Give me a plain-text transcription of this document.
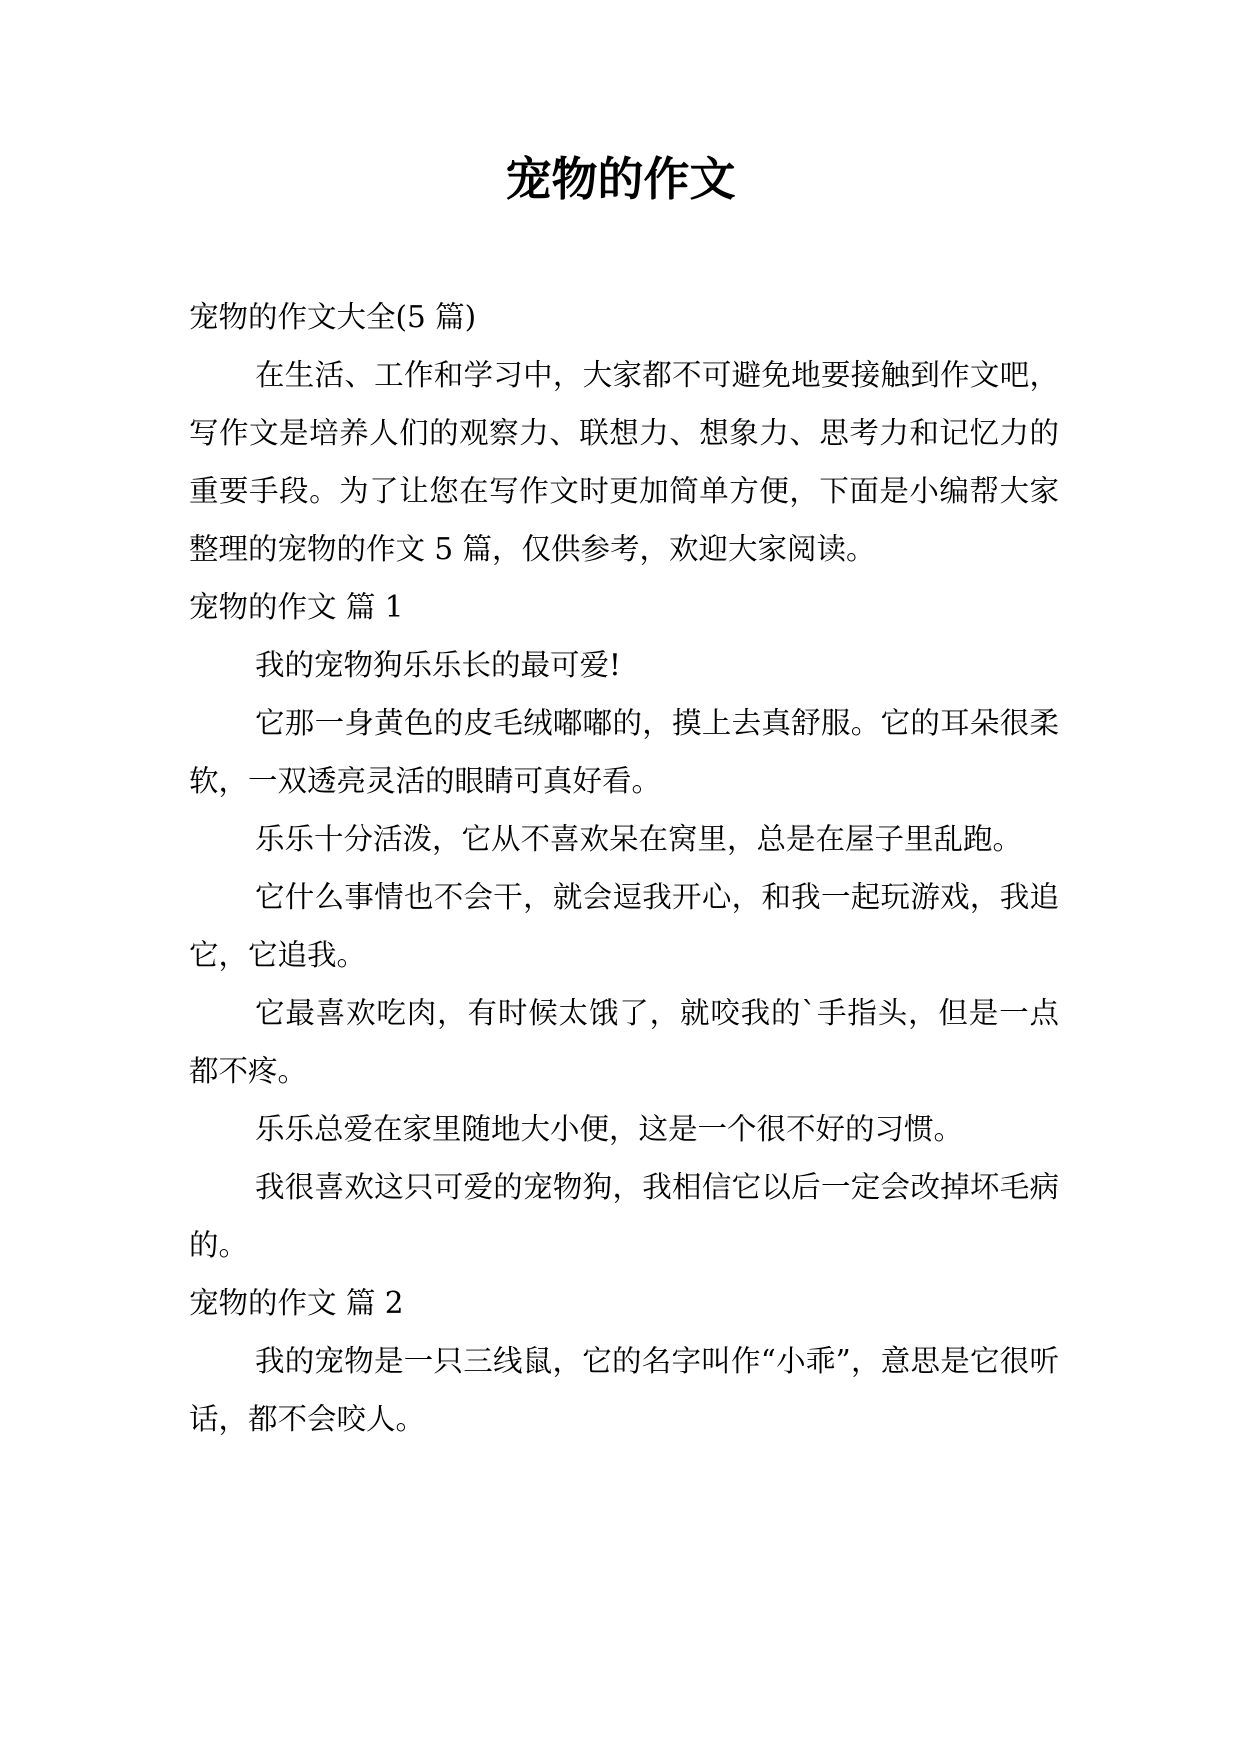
宠物的作文

宠物的作文大全(5 篇)

在生活、工作和学习中，大家都不可避免地要接触到作文吧，写作文是培养人们的观察力、联想力、想象力、思考力和记忆力的重要手段。为了让您在写作文时更加简单方便，下面是小编帮大家整理的宠物的作文 5 篇，仅供参考，欢迎大家阅读。

宠物的作文 篇 1

我的宠物狗乐乐长的最可爱!

它那一身黄色的皮毛绒嘟嘟的，摸上去真舒服。它的耳朵很柔软，一双透亮灵活的眼睛可真好看。

乐乐十分活泼，它从不喜欢呆在窝里，总是在屋子里乱跑。

它什么事情也不会干，就会逗我开心，和我一起玩游戏，我追它，它追我。

它最喜欢吃肉，有时候太饿了，就咬我的`手指头，但是一点都不疼。

乐乐总爱在家里随地大小便，这是一个很不好的习惯。

我很喜欢这只可爱的宠物狗，我相信它以后一定会改掉坏毛病的。

宠物的作文 篇 2

我的宠物是一只三线鼠，它的名字叫作“小乖”，意思是它很听话，都不会咬人。
